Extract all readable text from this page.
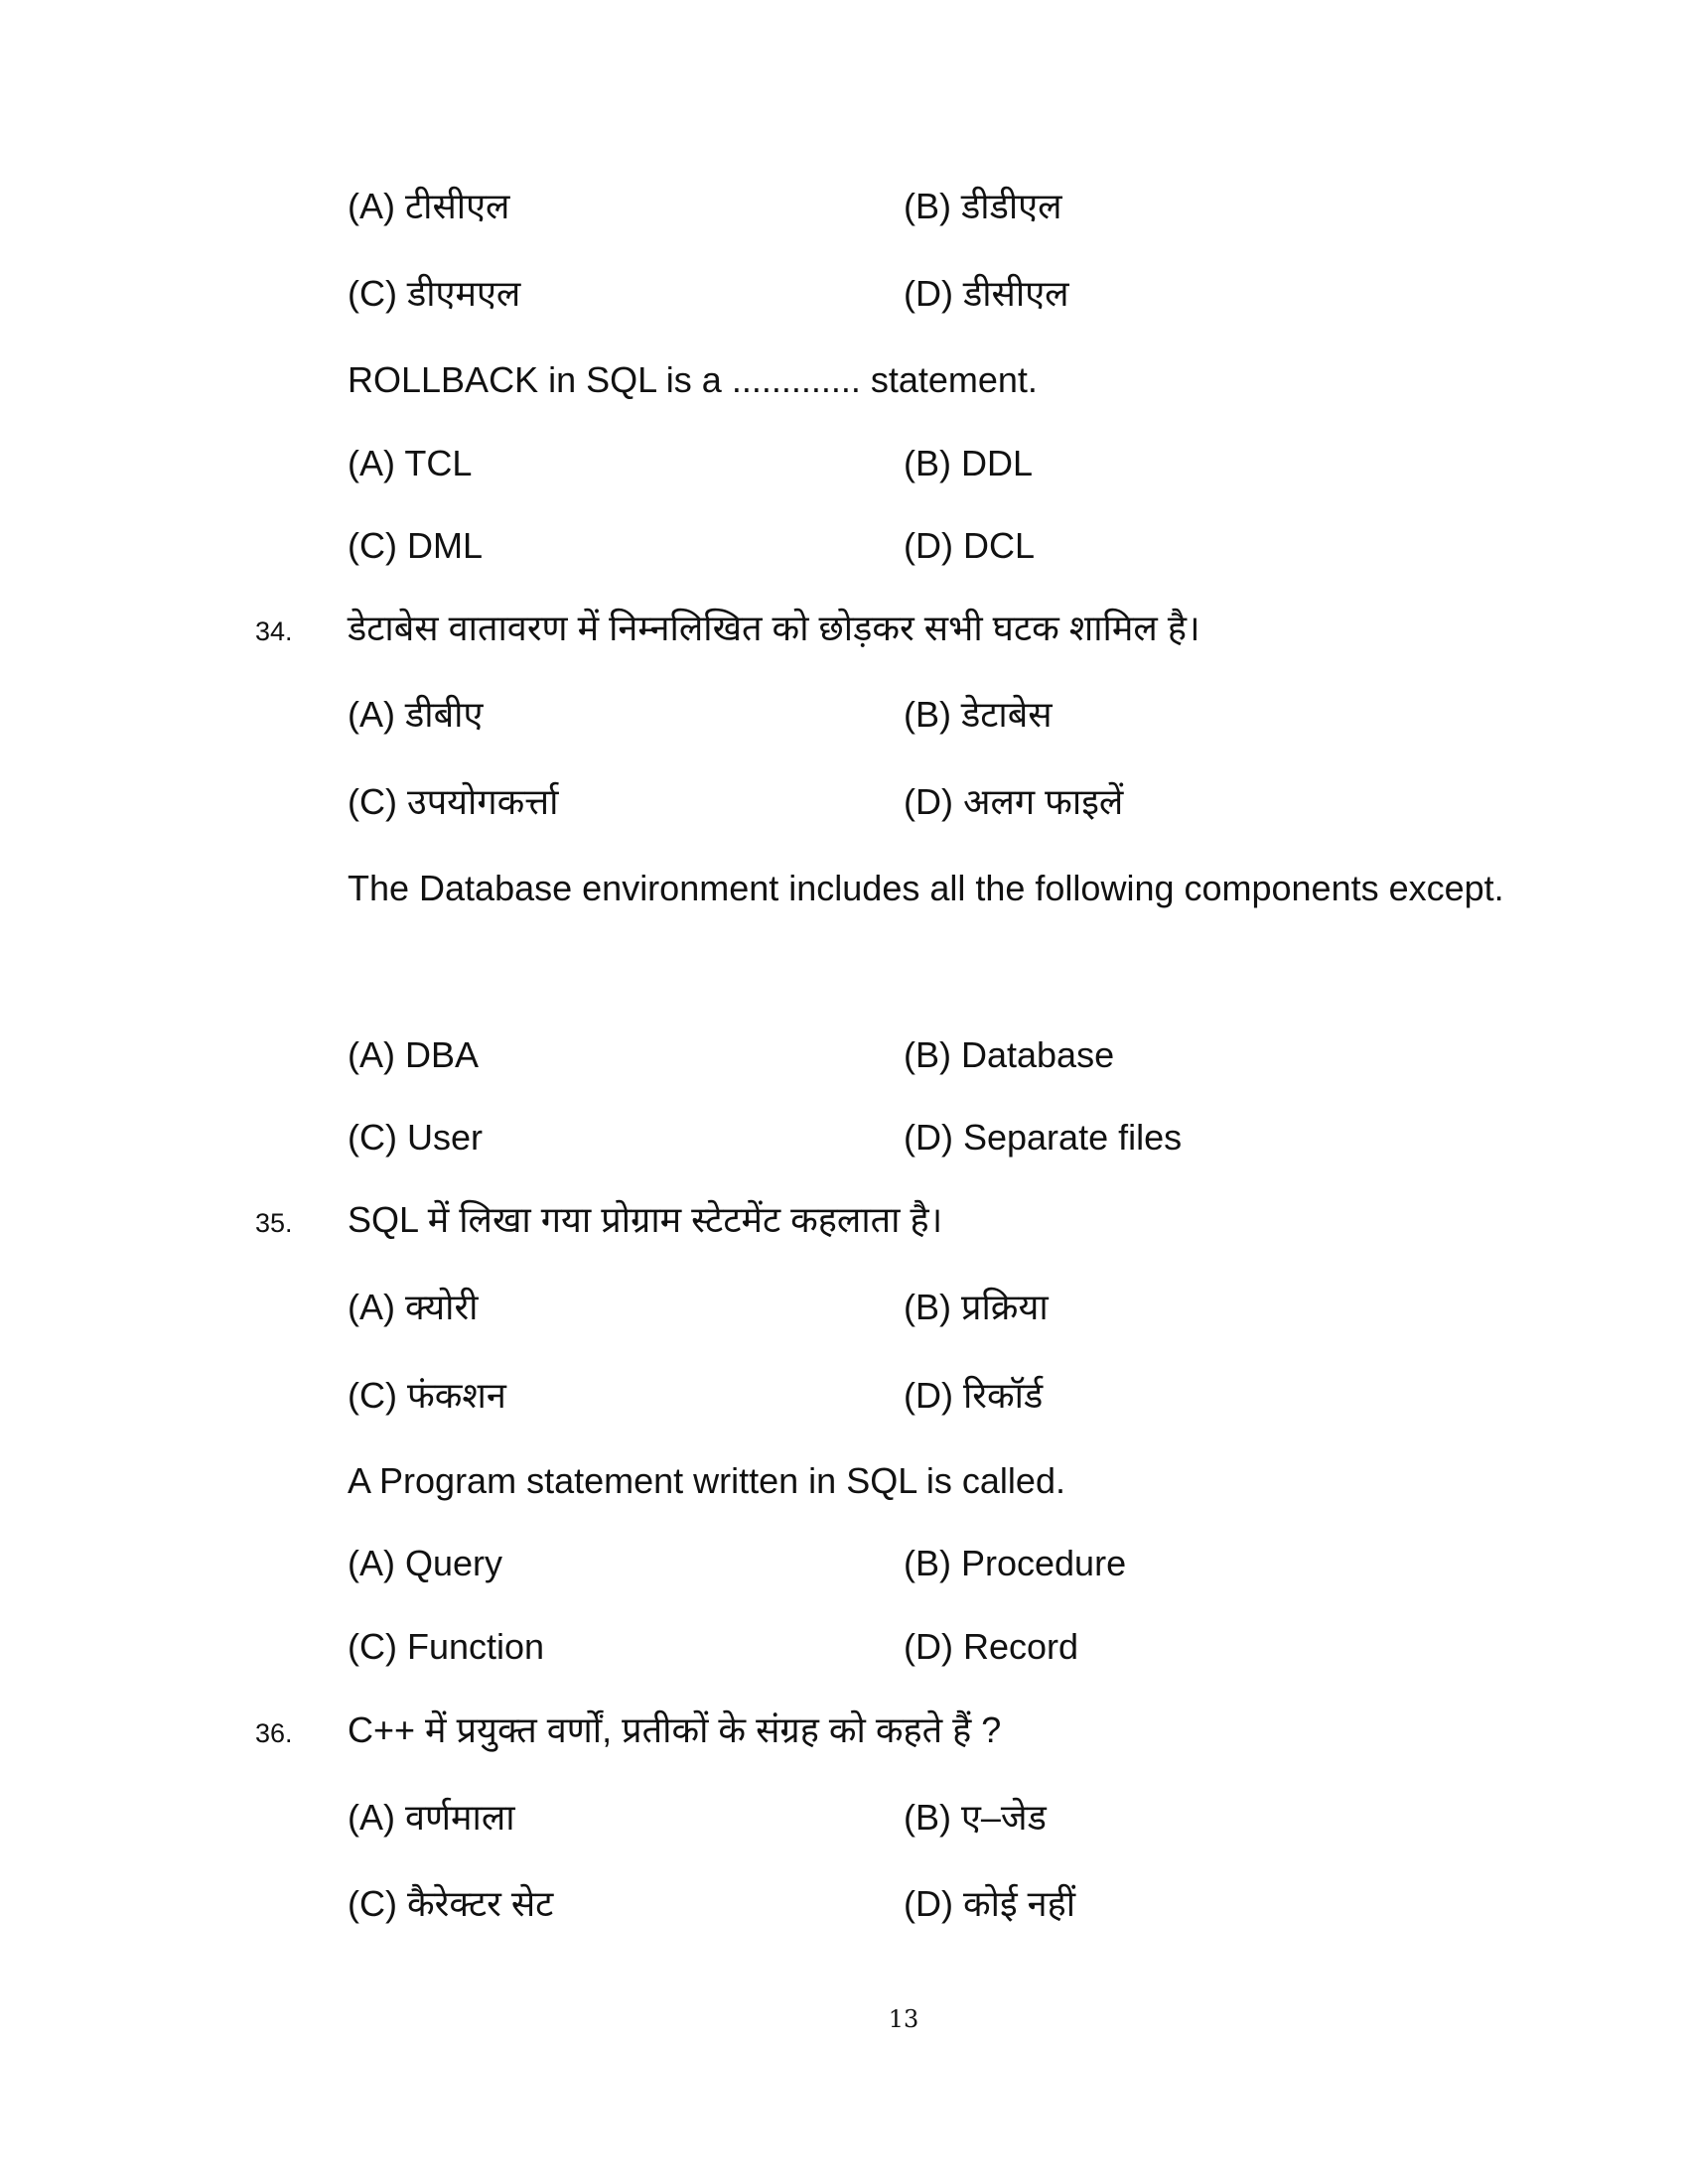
(A) टीसीएल	(B) डीडीएल
(C) डीएमएल	(D) डीसीएल
ROLLBACK in SQL is a ............. statement.
(A) TCL	(B) DDL
(C) DML	(D) DCL
34. डेटाबेस वातावरण में निम्नलिखित को छोड़कर सभी घटक शामिल है।
(A) डीबीए	(B) डेटाबेस
(C) उपयोगकर्त्ता	(D) अलग फाइलें
The Database environment includes all the following components except.
(A) DBA	(B) Database
(C) User	(D) Separate files
35. SQL में लिखा गया प्रोग्राम स्टेटमेंट कहलाता है।
(A) क्योरी	(B) प्रक्रिया
(C) फंकशन	(D) रिकॉर्ड
A Program statement written in SQL is called.
(A) Query	(B) Procedure
(C) Function	(D) Record
36. C++ में प्रयुक्त वर्णों, प्रतीकों के संग्रह को कहते हैं ?
(A) वर्णमाला	(B) ए–जेड
(C) कैरेक्टर सेट	(D) कोई नहीं
13
